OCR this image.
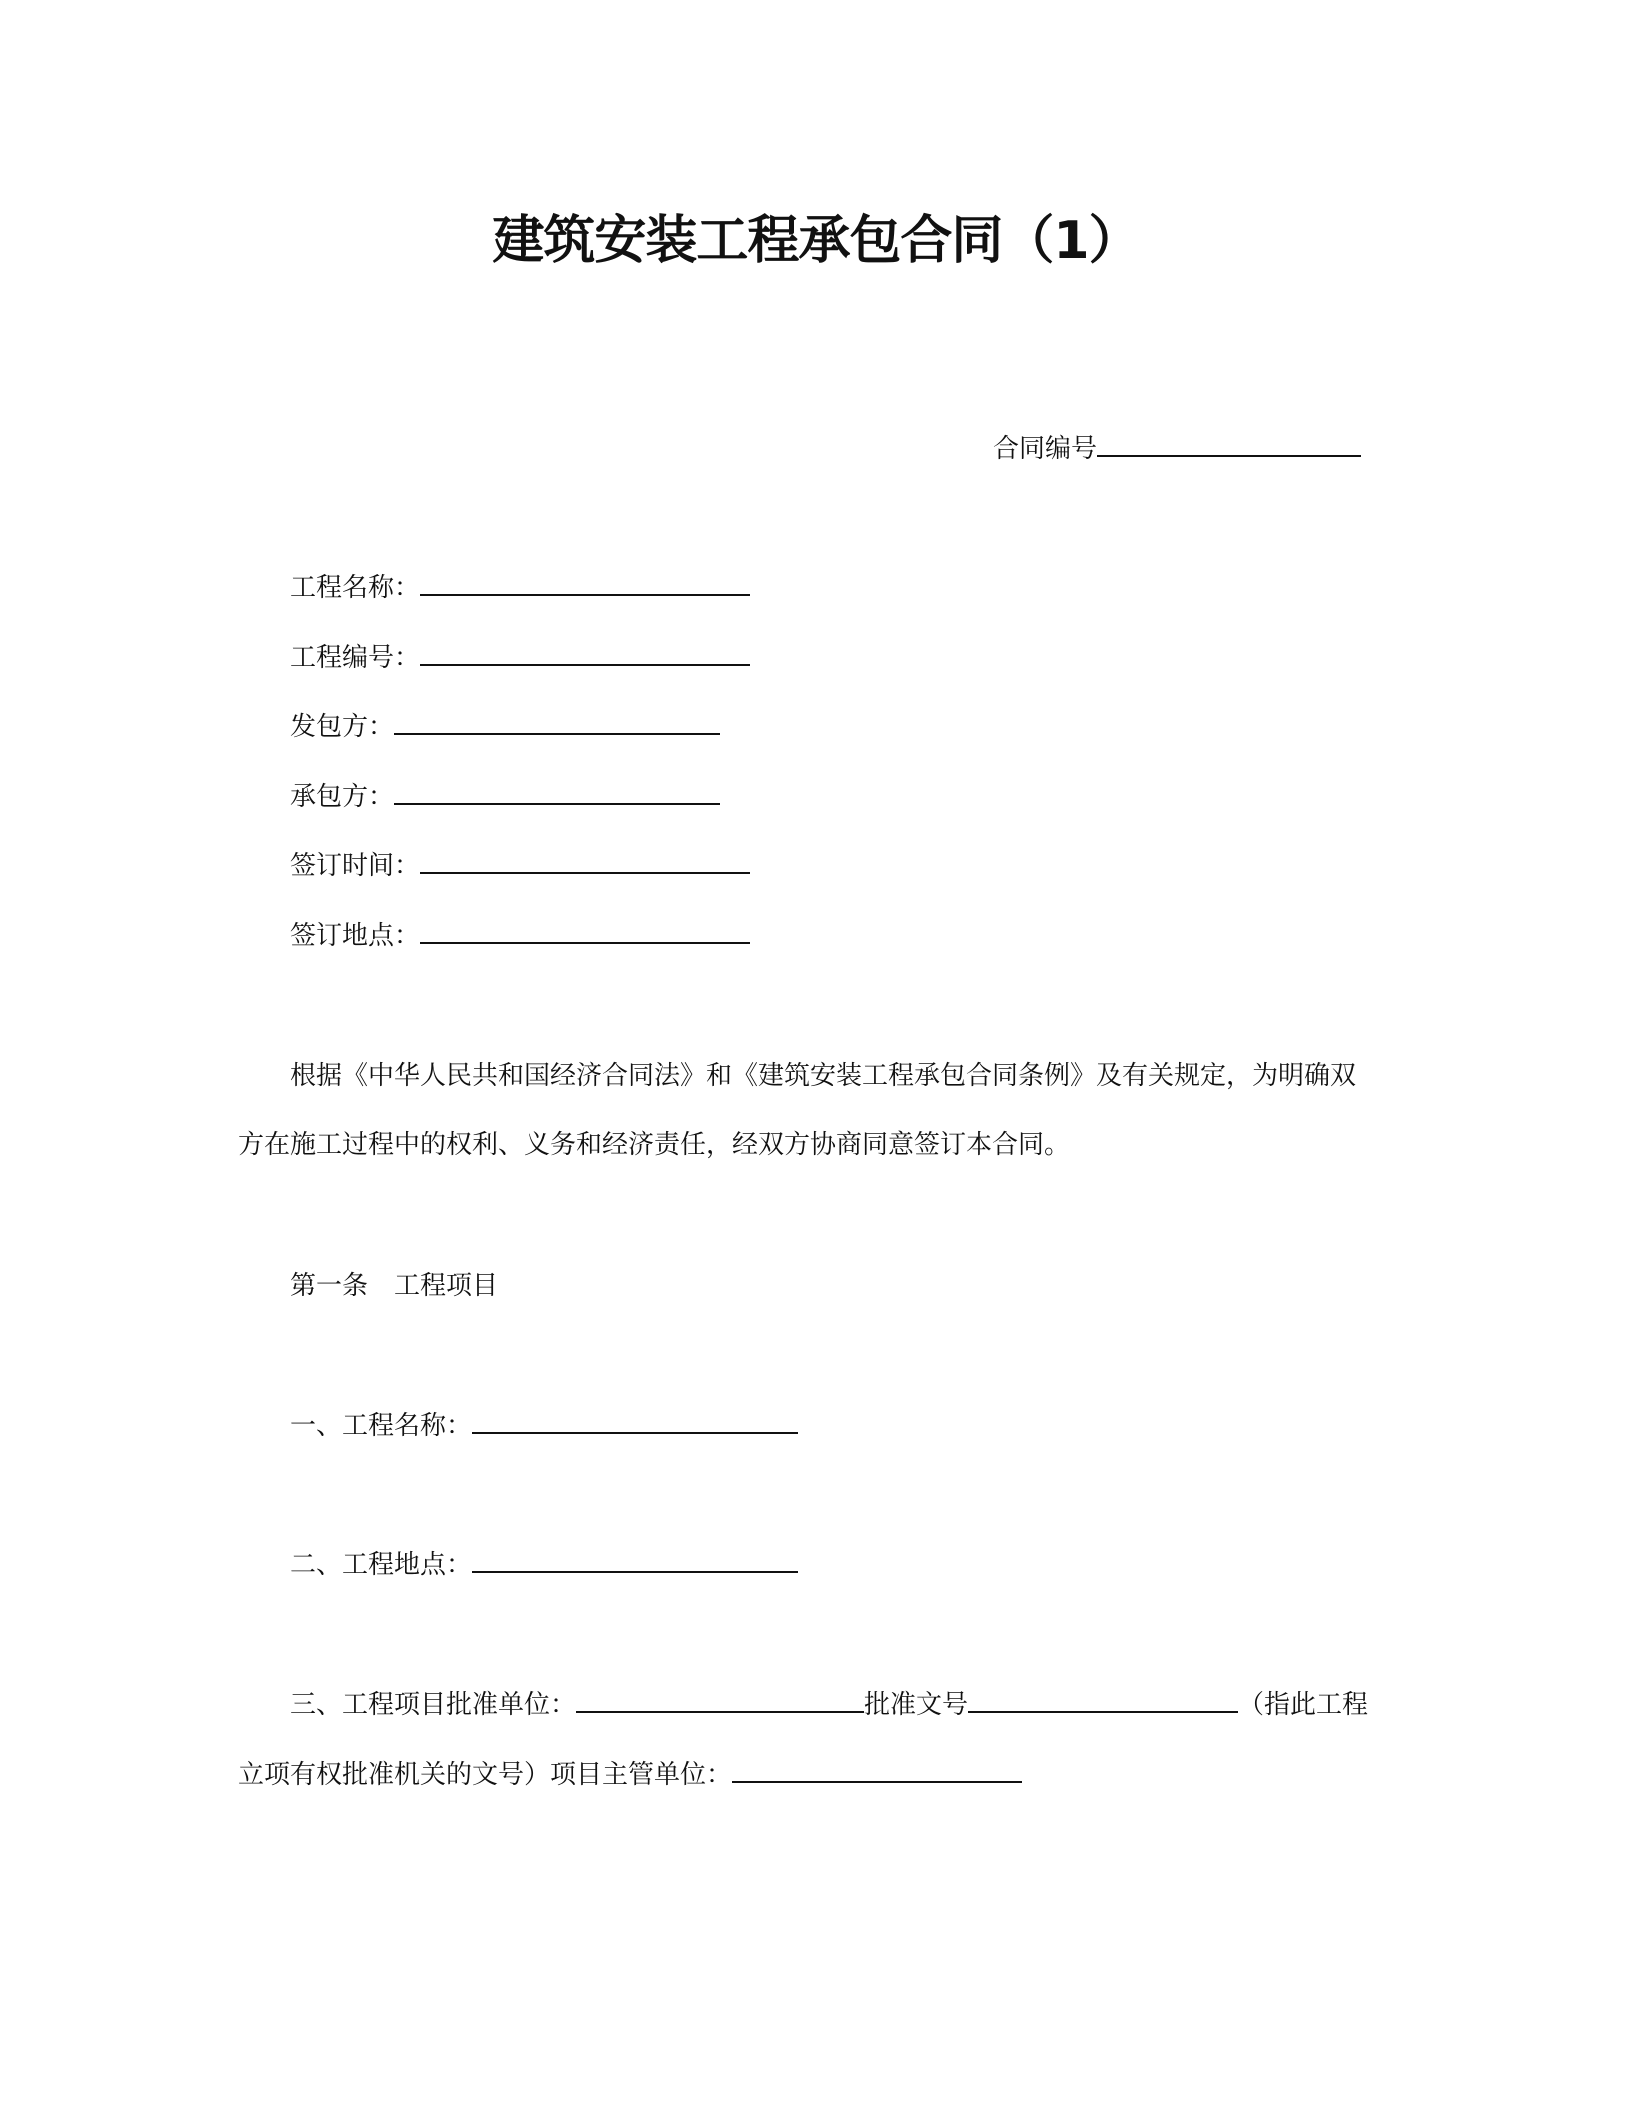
建筑安装工程承包合同（1）
合同编号
工程名称：
工程编号：
发包方：
承包方：
签订时间：
签订地点：
根据《中华人民共和国经济合同法》和《建筑安装工程承包合同条例》及有关规定，为明确双
方在施工过程中的权利、义务和经济责任，经双方协商同意签订本合同。
第一条　工程项目
一、工程名称：
二、工程地点：
三、工程项目批准单位：	批准文号	（指此工程
立项有权批准机关的文号）项目主管单位：
